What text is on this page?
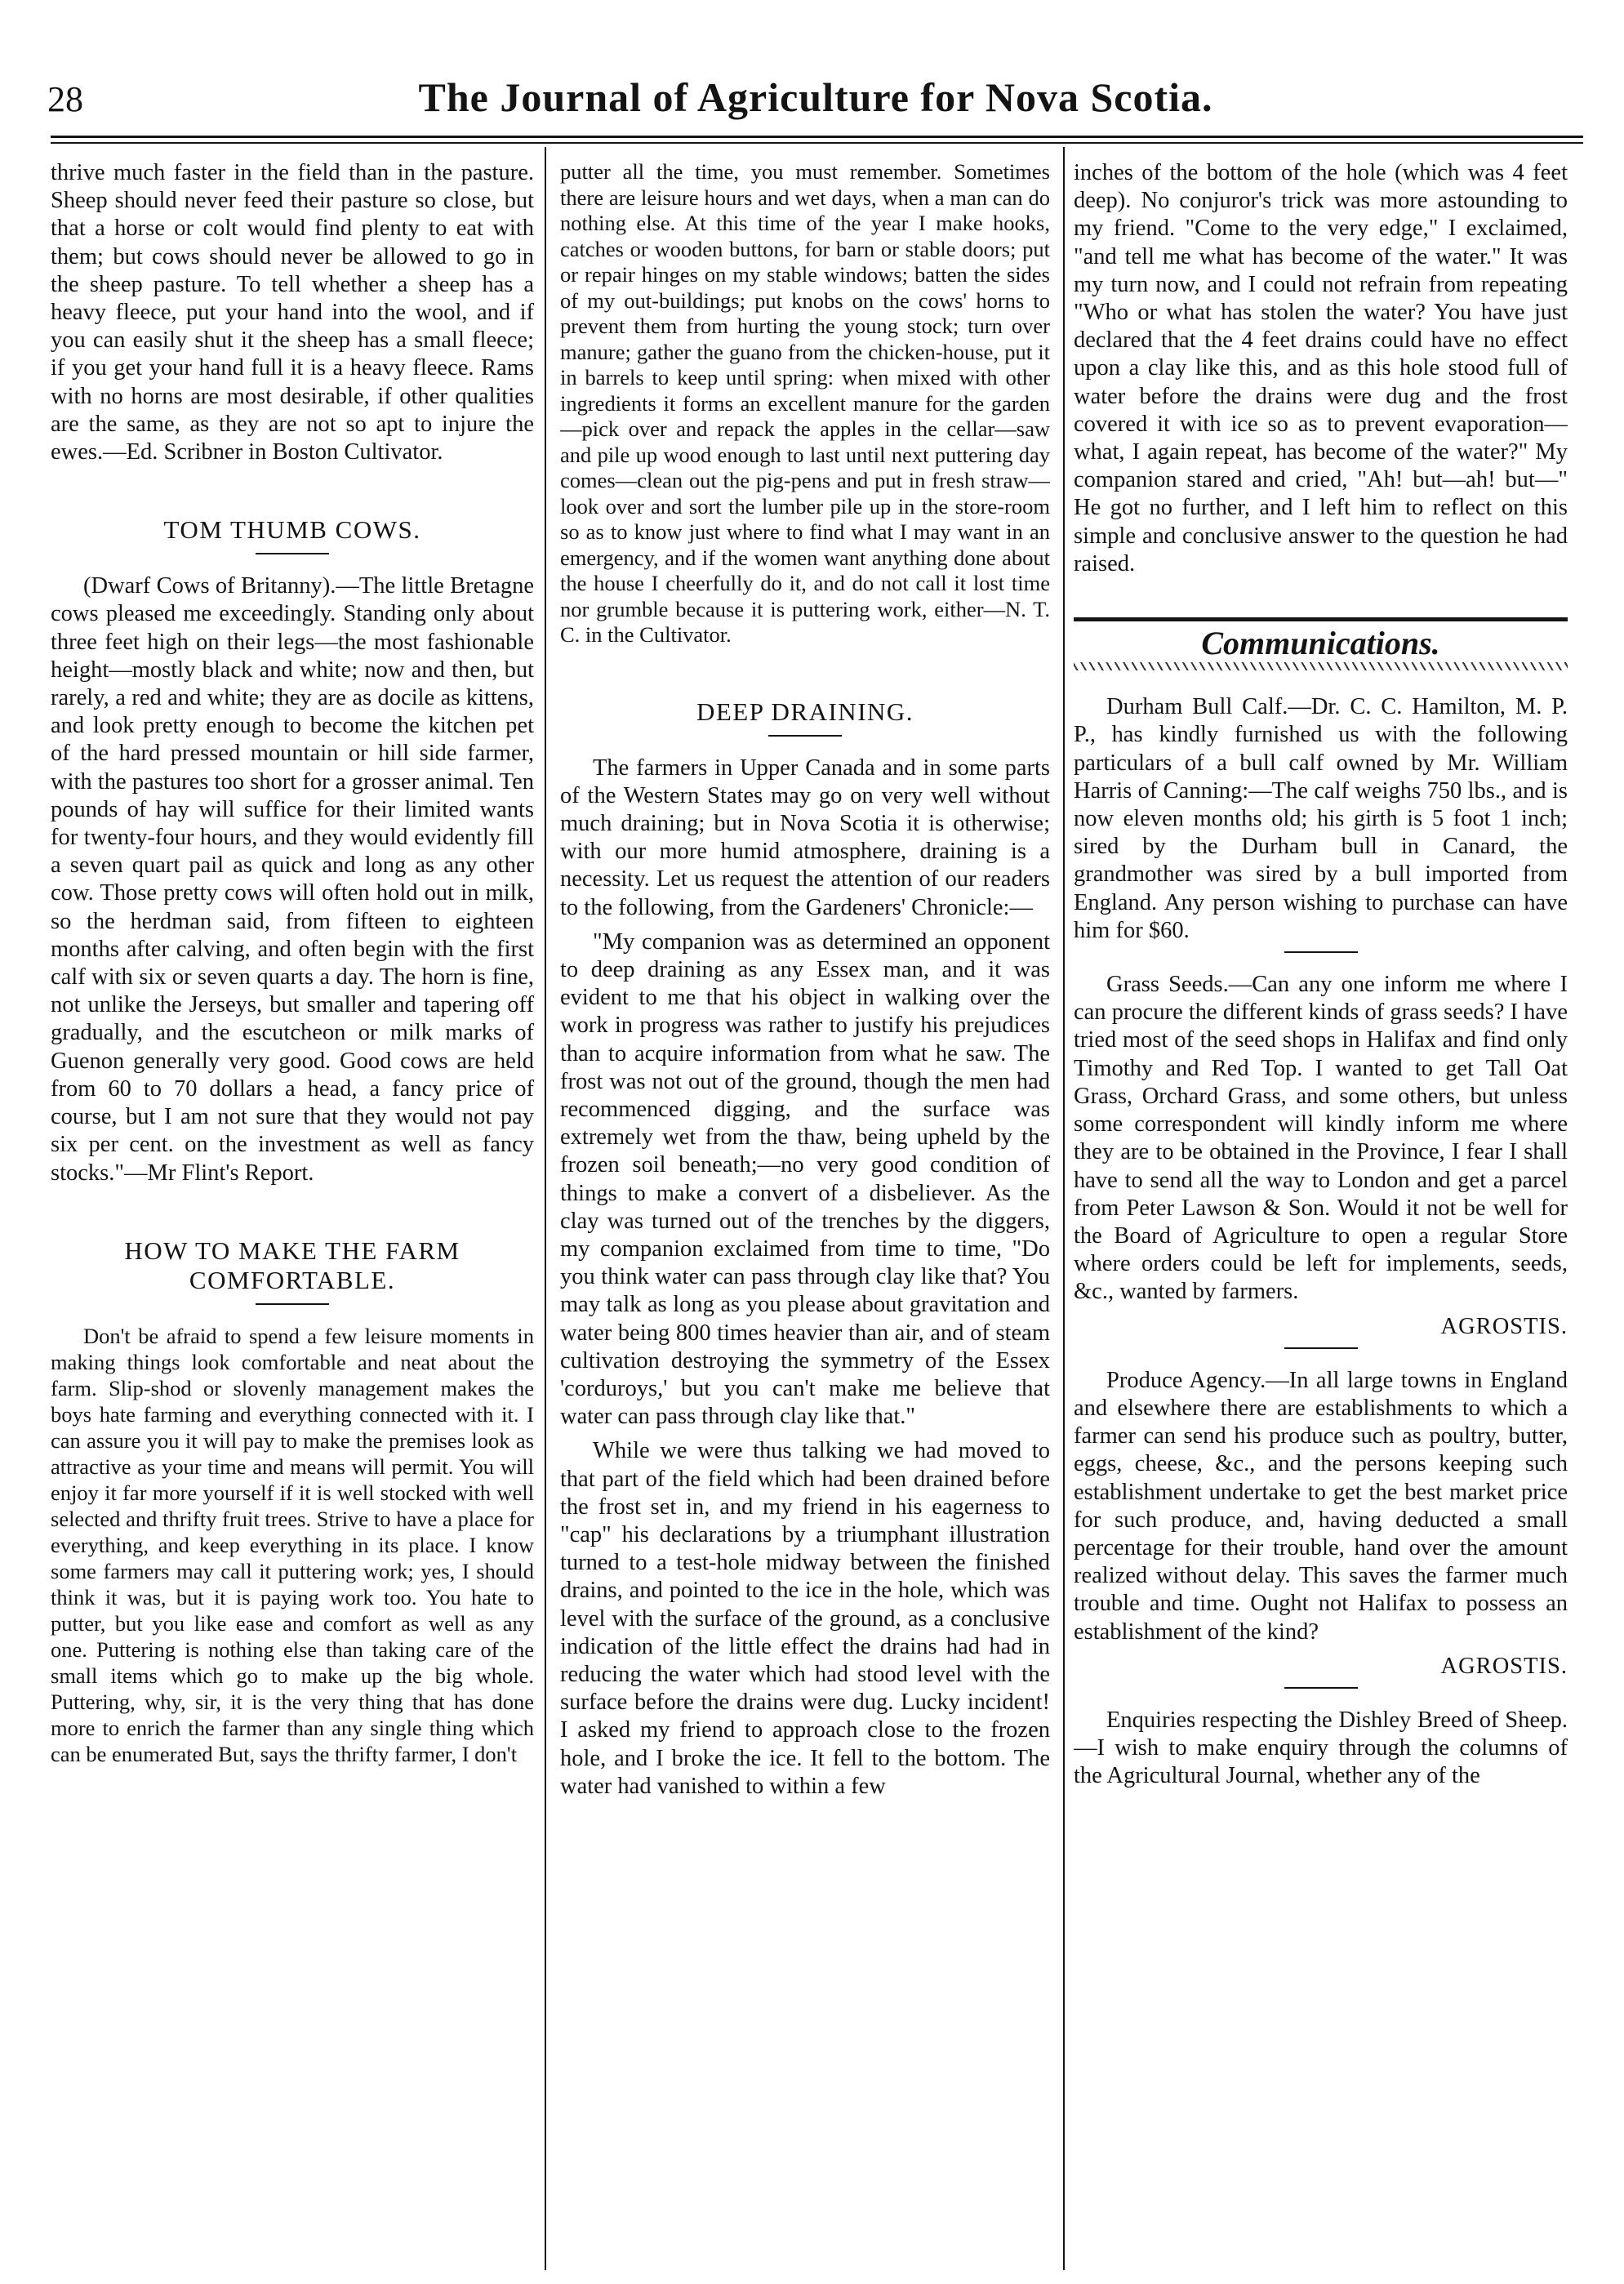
28	The Journal of Agriculture for Nova Scotia.

thrive much faster in the field than in the pasture. Sheep should never feed their pasture so close, but that a horse or colt would find plenty to eat with them; but cows should never be allowed to go in the sheep pasture. To tell whether a sheep has a heavy fleece, put your hand into the wool, and if you can easily shut it the sheep has a small fleece; if you get your hand full it is a heavy fleece. Rams with no horns are most desirable, if other qualities are the same, as they are not so apt to injure the ewes.—Ed. Scribner in Boston Cultivator.

TOM THUMB COWS.

(Dwarf Cows of Britanny).—The little Bretagne cows pleased me exceedingly. Standing only about three feet high on their legs—the most fashionable height—mostly black and white; now and then, but rarely, a red and white; they are as docile as kittens, and look pretty enough to become the kitchen pet of the hard pressed mountain or hill side farmer, with the pastures too short for a grosser animal. Ten pounds of hay will suffice for their limited wants for twenty-four hours, and they would evidently fill a seven quart pail as quick and long as any other cow. Those pretty cows will often hold out in milk, so the herdman said, from fifteen to eighteen months after calving, and often begin with the first calf with six or seven quarts a day. The horn is fine, not unlike the Jerseys, but smaller and tapering off gradually, and the escutcheon or milk marks of Guenon generally very good. Good cows are held from 60 to 70 dollars a head, a fancy price of course, but I am not sure that they would not pay six per cent. on the investment as well as fancy stocks."—Mr Flint's Report.

HOW TO MAKE THE FARM COMFORTABLE.

Don't be afraid to spend a few leisure moments in making things look comfortable and neat about the farm. Slip-shod or slovenly management makes the boys hate farming and everything connected with it. I can assure you it will pay to make the premises look as attractive as your time and means will permit. You will enjoy it far more yourself if it is well stocked with well selected and thrifty fruit trees. Strive to have a place for everything, and keep everything in its place. I know some farmers may call it puttering work; yes, I should think it was, but it is paying work too. You hate to putter, but you like ease and comfort as well as any one. Puttering is nothing else than taking care of the small items which go to make up the big whole. Puttering, why, sir, it is the very thing that has done more to enrich the farmer than any single thing which can be enumerated But, says the thrifty farmer, I don't

putter all the time, you must remember. Sometimes there are leisure hours and wet days, when a man can do nothing else. At this time of the year I make hooks, catches or wooden buttons, for barn or stable doors; put or repair hinges on my stable windows; batten the sides of my out-buildings; put knobs on the cows' horns to prevent them from hurting the young stock; turn over manure; gather the guano from the chicken-house, put it in barrels to keep until spring: when mixed with other ingredients it forms an excellent manure for the garden—pick over and repack the apples in the cellar—saw and pile up wood enough to last until next puttering day comes—clean out the pig-pens and put in fresh straw—look over and sort the lumber pile up in the store-room so as to know just where to find what I may want in an emergency, and if the women want anything done about the house I cheerfully do it, and do not call it lost time nor grumble because it is puttering work, either—N. T. C. in the Cultivator.

DEEP DRAINING.

The farmers in Upper Canada and in some parts of the Western States may go on very well without much draining; but in Nova Scotia it is otherwise; with our more humid atmosphere, draining is a necessity. Let us request the attention of our readers to the following, from the Gardeners' Chronicle:—

"My companion was as determined an opponent to deep draining as any Essex man, and it was evident to me that his object in walking over the work in progress was rather to justify his prejudices than to acquire information from what he saw. The frost was not out of the ground, though the men had recommenced digging, and the surface was extremely wet from the thaw, being upheld by the frozen soil beneath;—no very good condition of things to make a convert of a disbeliever. As the clay was turned out of the trenches by the diggers, my companion exclaimed from time to time, "Do you think water can pass through clay like that? You may talk as long as you please about gravitation and water being 800 times heavier than air, and of steam cultivation destroying the symmetry of the Essex 'corduroys,' but you can't make me believe that water can pass through clay like that."

While we were thus talking we had moved to that part of the field which had been drained before the frost set in, and my friend in his eagerness to "cap" his declarations by a triumphant illustration turned to a test-hole midway between the finished drains, and pointed to the ice in the hole, which was level with the surface of the ground, as a conclusive indication of the little effect the drains had had in reducing the water which had stood level with the surface before the drains were dug. Lucky incident! I asked my friend to approach close to the frozen hole, and I broke the ice. It fell to the bottom. The water had vanished to within a few

inches of the bottom of the hole (which was 4 feet deep). No conjuror's trick was more astounding to my friend. "Come to the very edge," I exclaimed, "and tell me what has become of the water." It was my turn now, and I could not refrain from repeating "Who or what has stolen the water? You have just declared that the 4 feet drains could have no effect upon a clay like this, and as this hole stood full of water before the drains were dug and the frost covered it with ice so as to prevent evaporation—what, I again repeat, has become of the water?" My companion stared and cried, "Ah! but—ah! but—" He got no further, and I left him to reflect on this simple and conclusive answer to the question he had raised.

Communications.

Durham Bull Calf.—Dr. C. C. Hamilton, M. P. P., has kindly furnished us with the following particulars of a bull calf owned by Mr. William Harris of Canning:—The calf weighs 750 lbs., and is now eleven months old; his girth is 5 foot 1 inch; sired by the Durham bull in Canard, the grandmother was sired by a bull imported from England. Any person wishing to purchase can have him for $60.

Grass Seeds.—Can any one inform me where I can procure the different kinds of grass seeds? I have tried most of the seed shops in Halifax and find only Timothy and Red Top. I wanted to get Tall Oat Grass, Orchard Grass, and some others, but unless some correspondent will kindly inform me where they are to be obtained in the Province, I fear I shall have to send all the way to London and get a parcel from Peter Lawson & Son. Would it not be well for the Board of Agriculture to open a regular Store where orders could be left for implements, seeds, &c., wanted by farmers.

AGROSTIS.

Produce Agency.—In all large towns in England and elsewhere there are establishments to which a farmer can send his produce such as poultry, butter, eggs, cheese, &c., and the persons keeping such establishment undertake to get the best market price for such produce, and, having deducted a small percentage for their trouble, hand over the amount realized without delay. This saves the farmer much trouble and time. Ought not Halifax to possess an establishment of the kind?

AGROSTIS.

Enquiries respecting the Dishley Breed of Sheep.—I wish to make enquiry through the columns of the Agricultural Journal, whether any of the
